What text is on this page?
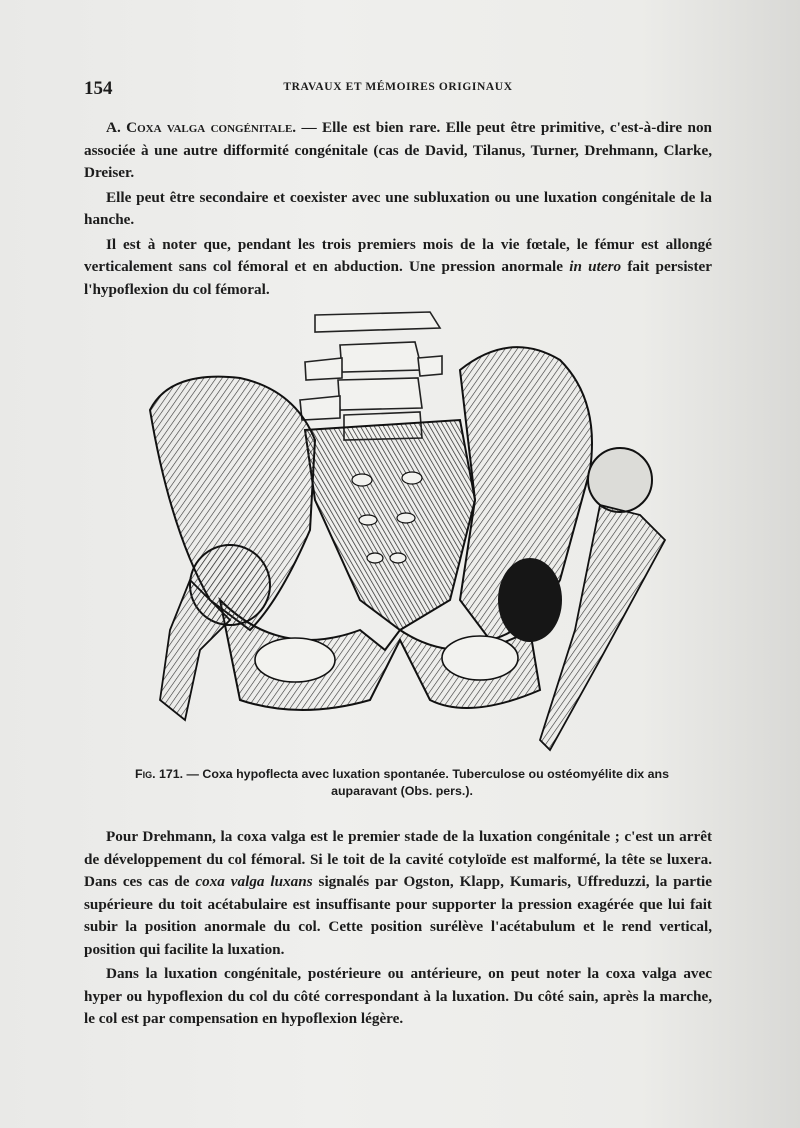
154	TRAVAUX ET MÉMOIRES ORIGINAUX

A. Coxa valga congénitale. — Elle est bien rare. Elle peut être primitive, c'est-à-dire non associée à une autre difformité congénitale (cas de David, Tilanus, Turner, Drehmann, Clarke, Dreiser.

Elle peut être secondaire et coexister avec une subluxation ou une luxation congénitale de la hanche.

Il est à noter que, pendant les trois premiers mois de la vie fœtale, le fémur est allongé verticalement sans col fémoral et en abduction. Une pression anormale in utero fait persister l'hypoflexion du col fémoral.

Fig. 171. — Coxa hypoflecta avec luxation spontanée. Tuberculose ou ostéomyélite dix ans auparavant (Obs. pers.).

Pour Drehmann, la coxa valga est le premier stade de la luxation congénitale ; c'est un arrêt de développement du col fémoral. Si le toit de la cavité cotyloïde est malformé, la tête se luxera. Dans ces cas de coxa valga luxans signalés par Ogston, Klapp, Kumaris, Uffreduzzi, la partie supérieure du toit acétabulaire est insuffisante pour supporter la pression exagérée que lui fait subir la position anormale du col. Cette position surélève l'acétabulum et le rend vertical, position qui facilite la luxation.

Dans la luxation congénitale, postérieure ou antérieure, on peut noter la coxa valga avec hyper ou hypoflexion du col du côté correspondant à la luxation. Du côté sain, après la marche, le col est par compensation en hypoflexion légère.
